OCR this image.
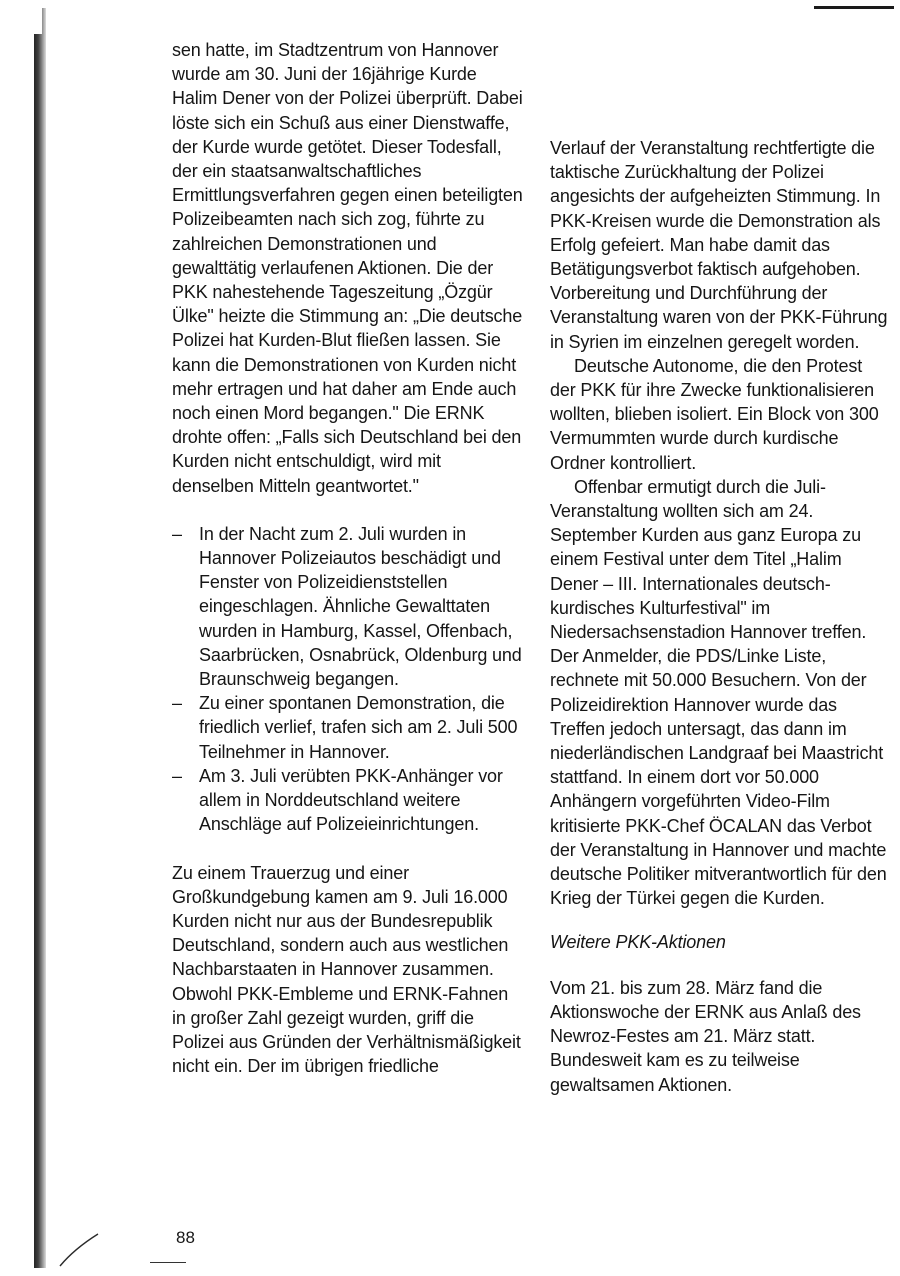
sen hatte, im Stadtzentrum von Hannover wurde am 30. Juni der 16jährige Kurde Halim Dener von der Polizei überprüft. Dabei löste sich ein Schuß aus einer Dienstwaffe, der Kurde wurde getötet. Dieser Todesfall, der ein staatsanwaltschaftliches Ermittlungsverfahren gegen einen beteiligten Polizeibeamten nach sich zog, führte zu zahlreichen Demonstrationen und gewalttätig verlaufenen Aktionen. Die der PKK nahestehende Tageszeitung „Özgür Ülke" heizte die Stimmung an: „Die deutsche Polizei hat Kurden-Blut fließen lassen. Sie kann die Demonstrationen von Kurden nicht mehr ertragen und hat daher am Ende auch noch einen Mord begangen." Die ERNK drohte offen: „Falls sich Deutschland bei den Kurden nicht entschuldigt, wird mit denselben Mitteln geantwortet."

– In der Nacht zum 2. Juli wurden in Hannover Polizeiautos beschädigt und Fenster von Polizeidienststellen eingeschlagen. Ähnliche Gewalttaten wurden in Hamburg, Kassel, Offenbach, Saarbrücken, Osnabrück, Oldenburg und Braunschweig begangen.
– Zu einer spontanen Demonstration, die friedlich verlief, trafen sich am 2. Juli 500 Teilnehmer in Hannover.
– Am 3. Juli verübten PKK-Anhänger vor allem in Norddeutschland weitere Anschläge auf Polizeieinrichtungen.

Zu einem Trauerzug und einer Großkundgebung kamen am 9. Juli 16.000 Kurden nicht nur aus der Bundesrepublik Deutschland, sondern auch aus westlichen Nachbarstaaten in Hannover zusammen. Obwohl PKK-Embleme und ERNK-Fahnen in großer Zahl gezeigt wurden, griff die Polizei aus Gründen der Verhältnismäßigkeit nicht ein. Der im übrigen friedliche

Verlauf der Veranstaltung rechtfertigte die taktische Zurückhaltung der Polizei angesichts der aufgeheizten Stimmung. In PKK-Kreisen wurde die Demonstration als Erfolg gefeiert. Man habe damit das Betätigungsverbot faktisch aufgehoben. Vorbereitung und Durchführung der Veranstaltung waren von der PKK-Führung in Syrien im einzelnen geregelt worden.

Deutsche Autonome, die den Protest der PKK für ihre Zwecke funktionalisieren wollten, blieben isoliert. Ein Block von 300 Vermummten wurde durch kurdische Ordner kontrolliert.

Offenbar ermutigt durch die Juli-Veranstaltung wollten sich am 24. September Kurden aus ganz Europa zu einem Festival unter dem Titel „Halim Dener – III. Internationales deutsch-kurdisches Kulturfestival" im Niedersachsenstadion Hannover treffen. Der Anmelder, die PDS/Linke Liste, rechnete mit 50.000 Besuchern. Von der Polizeidirektion Hannover wurde das Treffen jedoch untersagt, das dann im niederländischen Landgraaf bei Maastricht stattfand. In einem dort vor 50.000 Anhängern vorgeführten Video-Film kritisierte PKK-Chef ÖCALAN das Verbot der Veranstaltung in Hannover und machte deutsche Politiker mitverantwortlich für den Krieg der Türkei gegen die Kurden.

Weitere PKK-Aktionen

Vom 21. bis zum 28. März fand die Aktionswoche der ERNK aus Anlaß des Newroz-Festes am 21. März statt. Bundesweit kam es zu teilweise gewaltsamen Aktionen.

88
